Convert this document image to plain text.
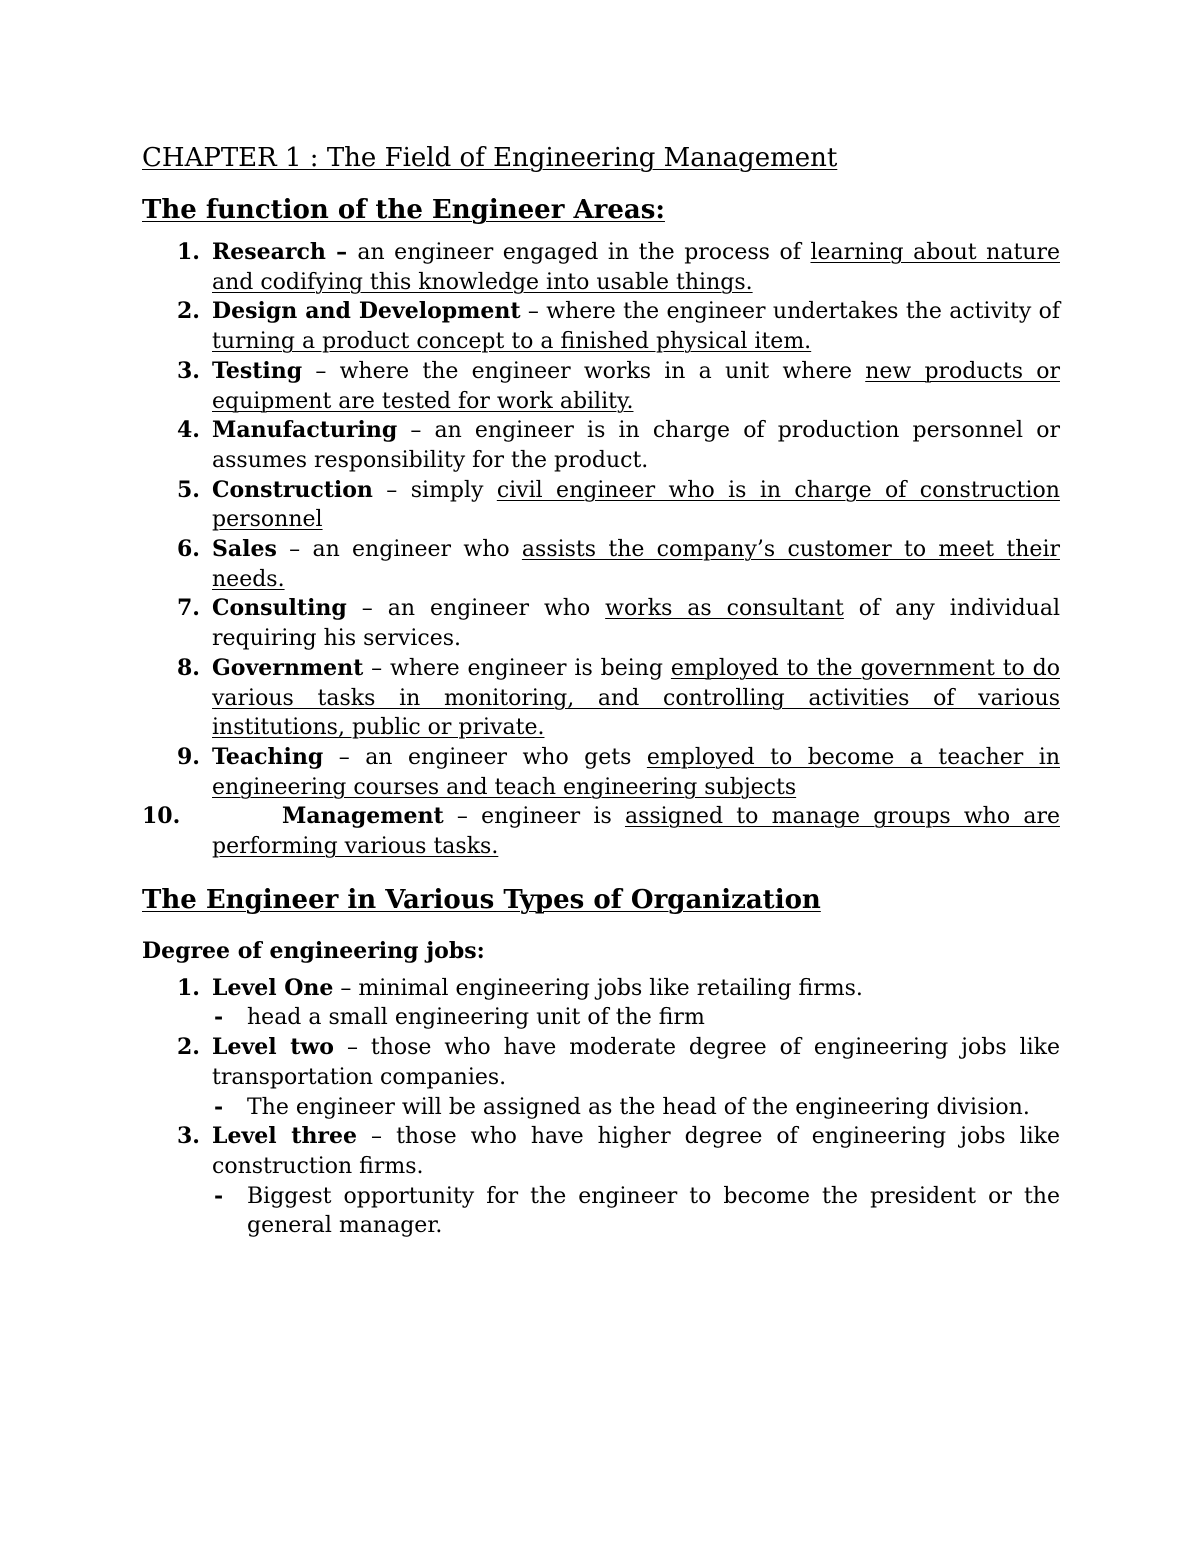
CHAPTER 1 : The Field of Engineering Management
The function of the Engineer Areas:
1. Research – an engineer engaged in the process of learning about nature and codifying this knowledge into usable things.
2. Design and Development – where the engineer undertakes the activity of turning a product concept to a finished physical item.
3. Testing – where the engineer works in a unit where new products or equipment are tested for work ability.
4. Manufacturing – an engineer is in charge of production personnel or assumes responsibility for the product.
5. Construction – simply civil engineer who is in charge of construction personnel
6. Sales – an engineer who assists the company’s customer to meet their needs.
7. Consulting – an engineer who works as consultant of any individual requiring his services.
8. Government – where engineer is being employed to the government to do various tasks in monitoring, and controlling activities of various institutions, public or private.
9. Teaching – an engineer who gets employed to become a teacher in engineering courses and teach engineering subjects
10.	Management – engineer is assigned to manage groups who are performing various tasks.
The Engineer in Various Types of Organization
Degree of engineering jobs:
1. Level One – minimal engineering jobs like retailing firms.
- head a small engineering unit of the firm
2. Level two – those who have moderate degree of engineering jobs like transportation companies.
- The engineer will be assigned as the head of the engineering division.
3. Level three – those who have higher degree of engineering jobs like construction firms.
- Biggest opportunity for the engineer to become the president or the general manager.
